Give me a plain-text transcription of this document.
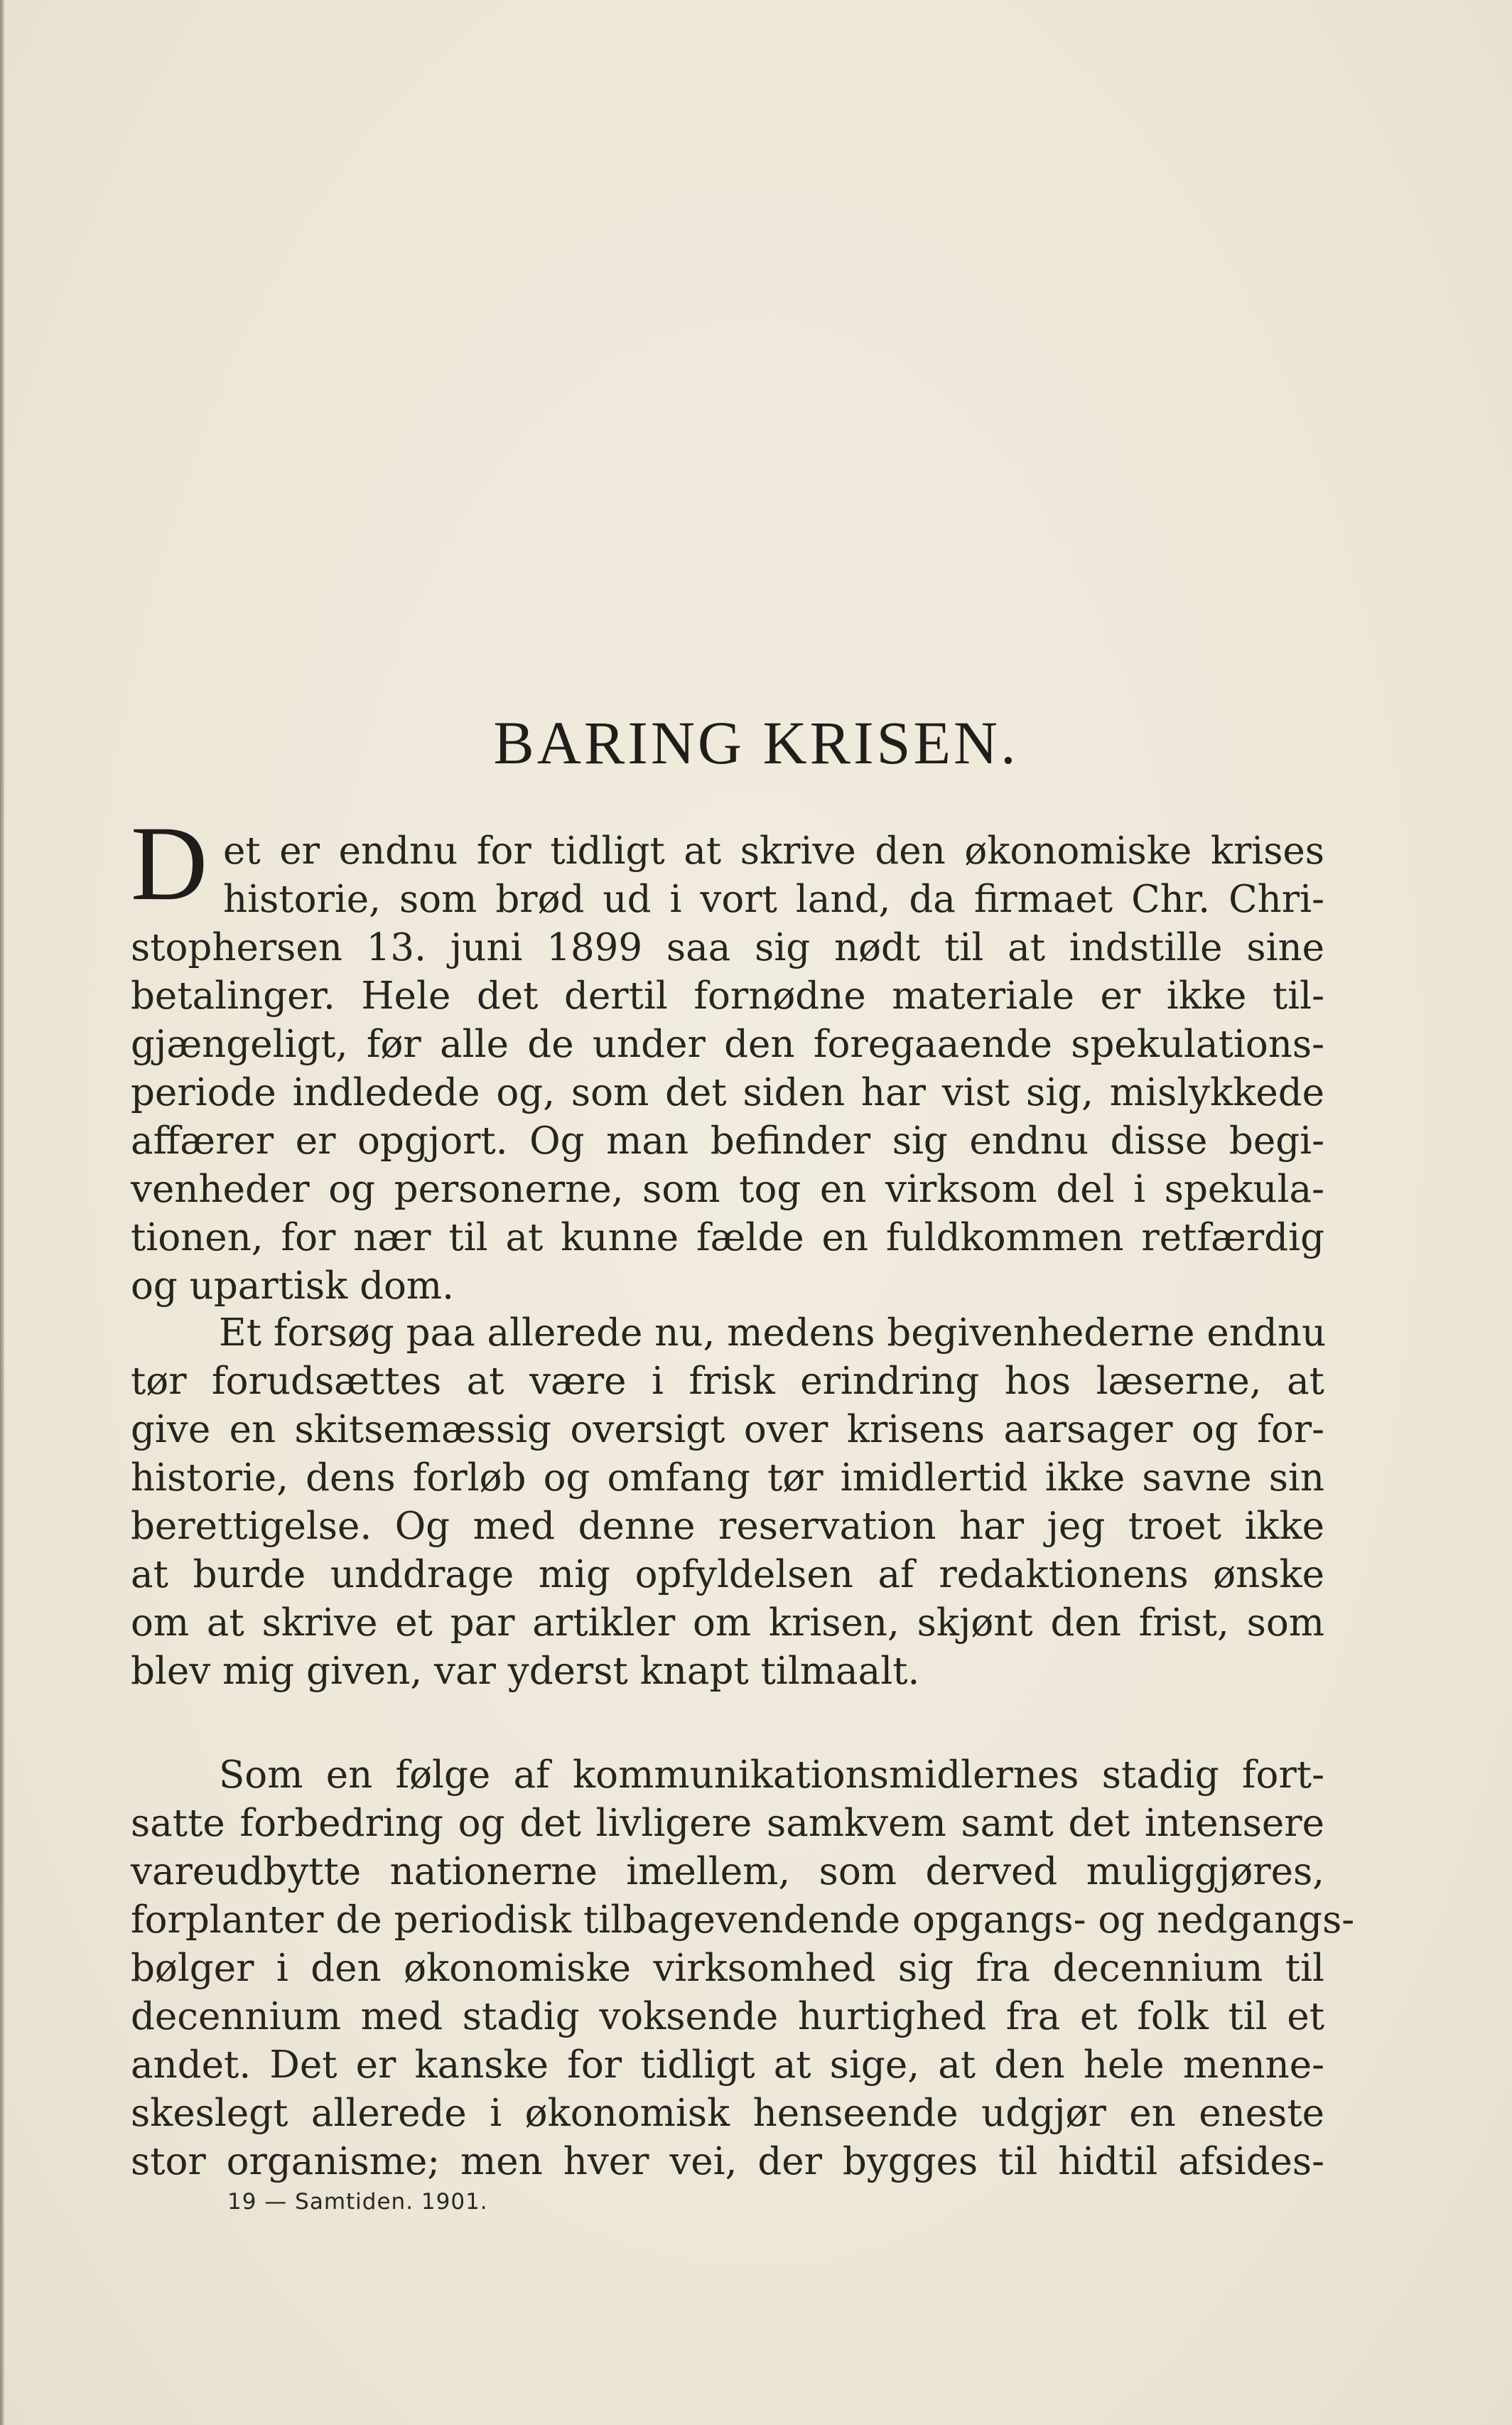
BARING KRISEN.
D et er endnu for tidligt at skrive den økonomiske krises
historie, som brød ud i vort land, da firmaet Chr. Chri-
stophersen 13. juni 1899 saa sig nødt til at indstille sine
betalinger. Hele det dertil fornødne materiale er ikke til-
gjængeligt, før alle de under den foregaaende spekulations-
periode indledede og, som det siden har vist sig, mislykkede
affærer er opgjort. Og man befinder sig endnu disse begi-
venheder og personerne, som tog en virksom del i spekula-
tionen, for nær til at kunne fælde en fuldkommen retfærdig
og upartisk dom.
Et forsøg paa allerede nu, medens begivenhederne endnu
tør forudsættes at være i frisk erindring hos læserne, at
give en skitsemæssig oversigt over krisens aarsager og for-
historie, dens forløb og omfang tør imidlertid ikke savne sin
berettigelse. Og med denne reservation har jeg troet ikke
at burde unddrage mig opfyldelsen af redaktionens ønske
om at skrive et par artikler om krisen, skjønt den frist, som
blev mig given, var yderst knapt tilmaalt.
Som en følge af kommunikationsmidlernes stadig fort-
satte forbedring og det livligere samkvem samt det intensere
vareudbytte nationerne imellem, som derved muliggjøres,
forplanter de periodisk tilbagevendende opgangs- og nedgangs-
bølger i den økonomiske virksomhed sig fra decennium til
decennium med stadig voksende hurtighed fra et folk til et
andet. Det er kanske for tidligt at sige, at den hele menne-
skeslegt allerede i økonomisk henseende udgjør en eneste
stor organisme; men hver vei, der bygges til hidtil afsides-
19 — Samtiden. 1901.
